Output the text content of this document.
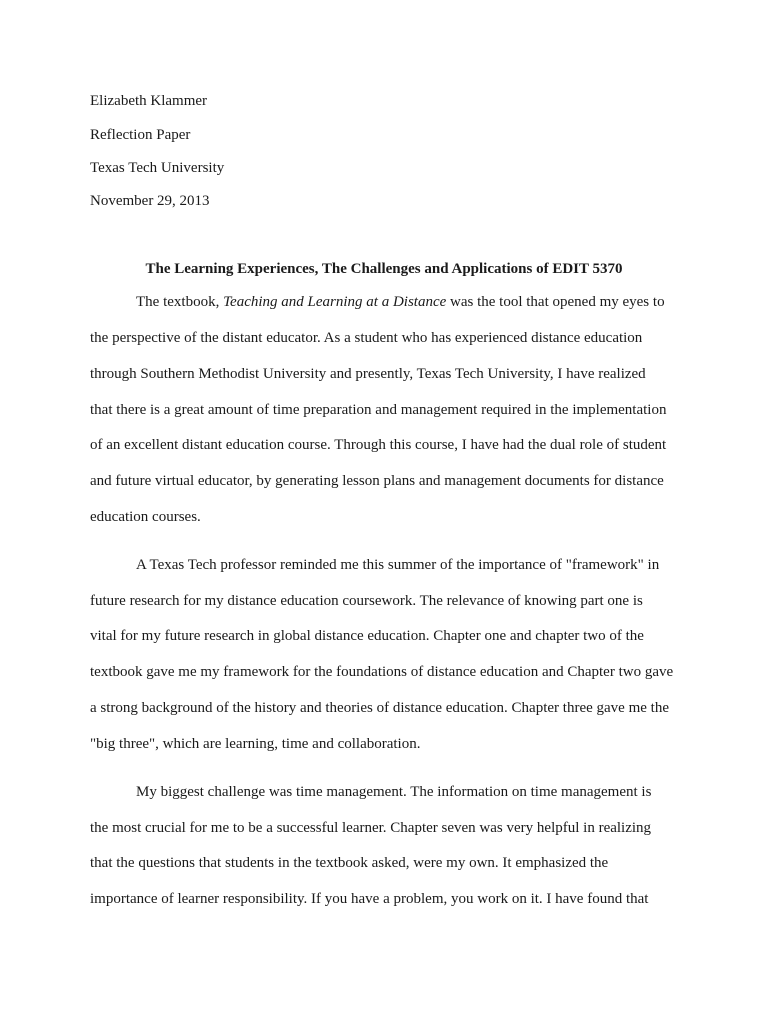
Elizabeth Klammer
Reflection Paper
Texas Tech University
November 29, 2013
The Learning Experiences, The Challenges and Applications of EDIT 5370
The textbook, Teaching and Learning at a Distance was the tool that opened my eyes to
the perspective of the distant educator. As a student who has experienced distance education
through Southern Methodist University and presently, Texas Tech University, I have realized
that there is a great amount of time preparation and management required in the implementation
of an excellent distant education course. Through this course, I have had the dual role of student
and future virtual educator, by generating lesson plans and management documents for distance
education courses.
A Texas Tech professor reminded me this summer of the importance of "framework" in
future research for my distance education coursework. The relevance of knowing part one is
vital for my future research in global distance education. Chapter one and chapter two of the
textbook gave me my framework for the foundations of distance education and Chapter two gave
a strong background of the history and theories of distance education. Chapter three gave me the
"big three", which are learning, time and collaboration.
My biggest challenge was time management. The information on time management is
the most crucial for me to be a successful learner. Chapter seven was very helpful in realizing
that the questions that students in the textbook asked, were my own. It emphasized the
importance of learner responsibility. If you have a problem, you work on it. I have found that
